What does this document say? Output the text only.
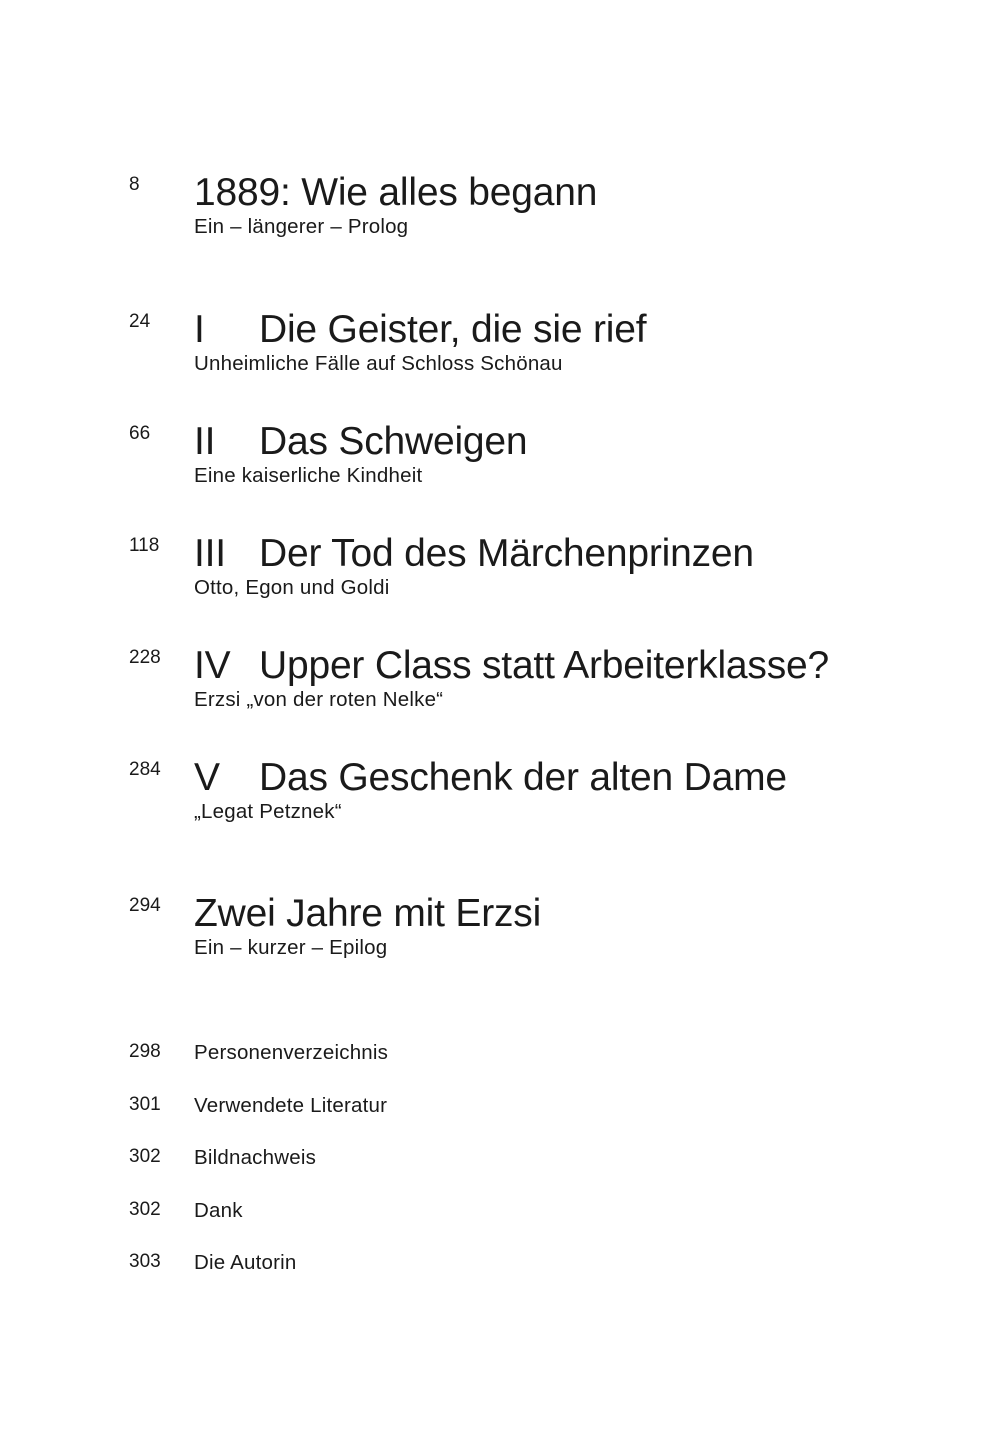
8 1889: Wie alles begann
Ein – längerer – Prolog
24 I Die Geister, die sie rief
Unheimliche Fälle auf Schloss Schönau
66 II Das Schweigen
Eine kaiserliche Kindheit
118 III Der Tod des Märchenprinzen
Otto, Egon und Goldi
228 IV Upper Class statt Arbeiterklasse?
Erzsi „von der roten Nelke“
284 V Das Geschenk der alten Dame
„Legat Petznek“
294 Zwei Jahre mit Erzsi
Ein – kurzer – Epilog
298 Personenverzeichnis
301 Verwendete Literatur
302 Bildnachweis
302 Dank
303 Die Autorin
